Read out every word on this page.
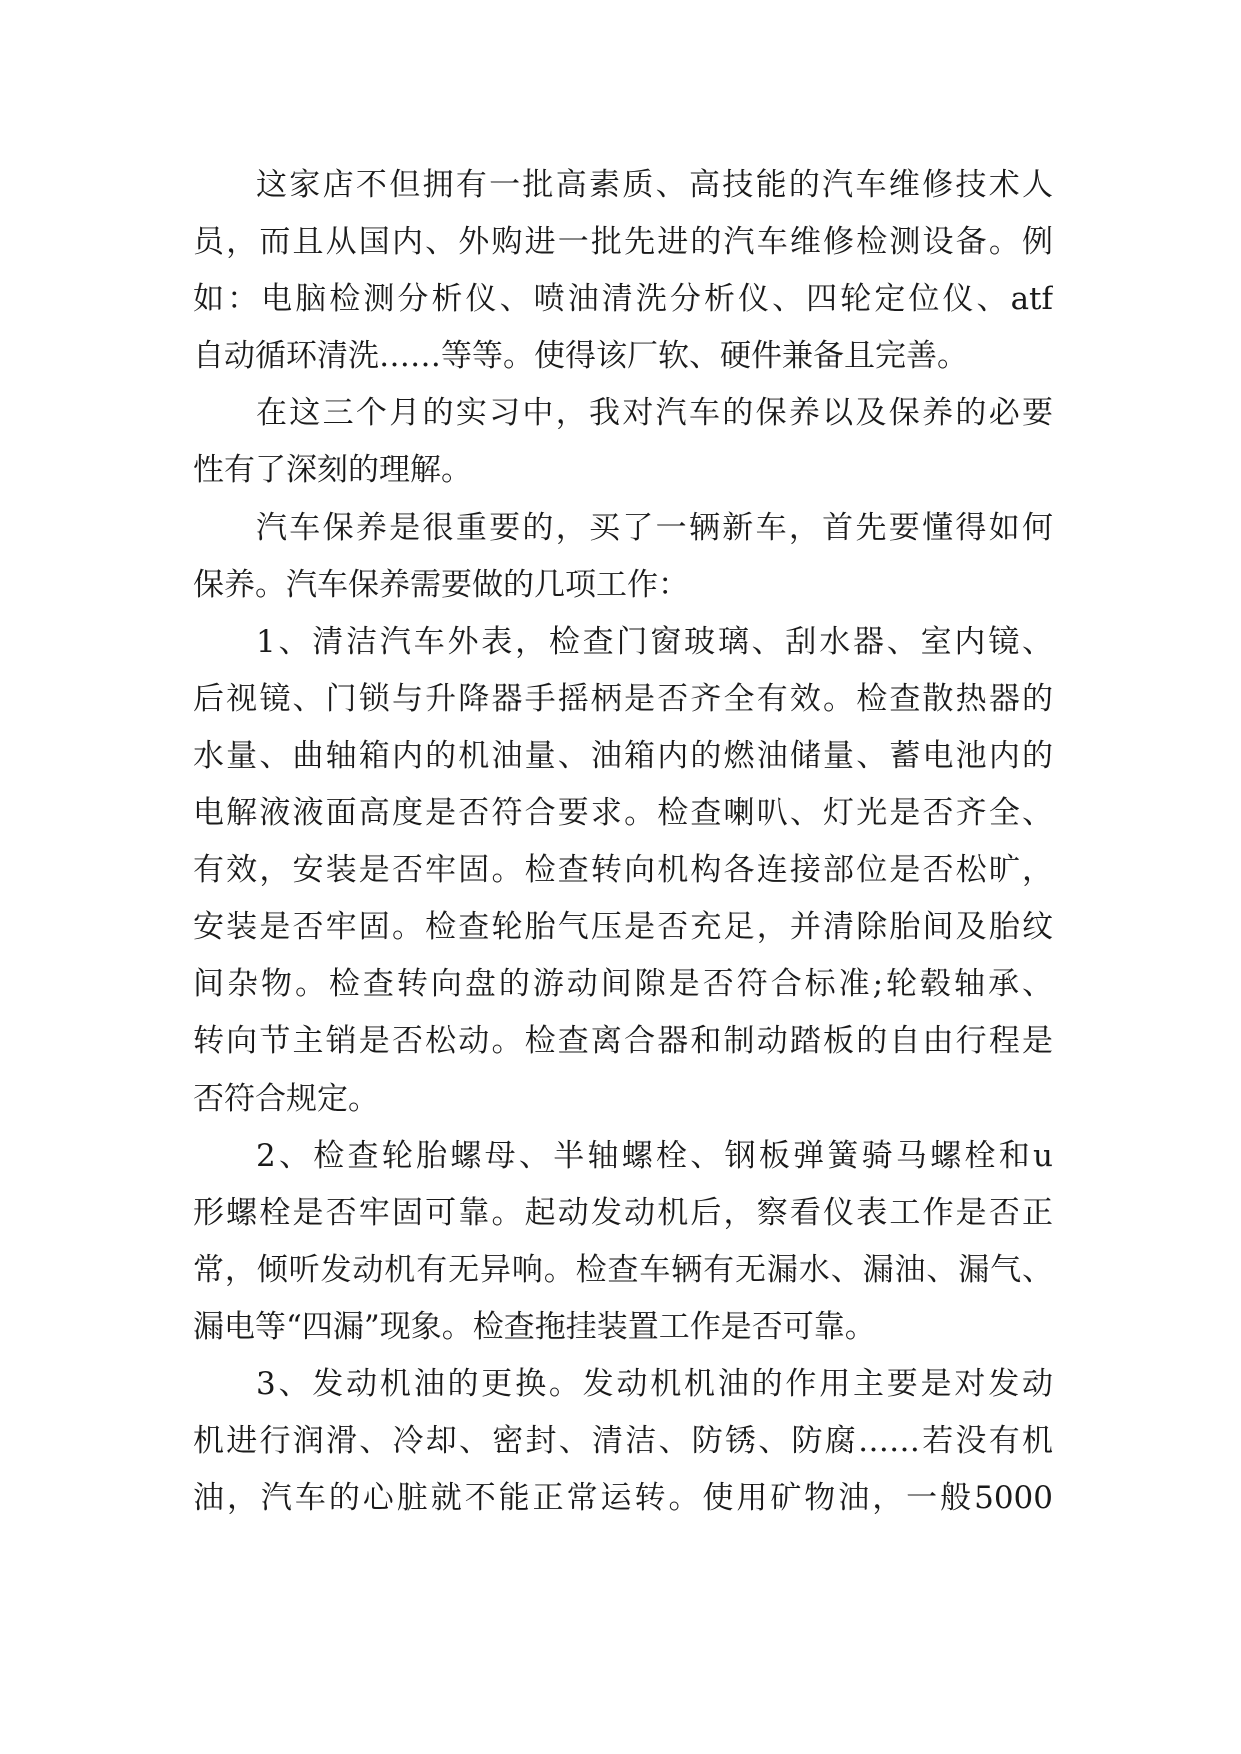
这家店不但拥有一批高素质、高技能的汽车维修技术人
员，而且从国内、外购进一批先进的汽车维修检测设备。例
如：电脑检测分析仪、喷油清洗分析仪、四轮定位仪、atf
自动循环清洗……等等。使得该厂软、硬件兼备且完善。
在这三个月的实习中，我对汽车的保养以及保养的必要
性有了深刻的理解。
汽车保养是很重要的，买了一辆新车，首先要懂得如何
保养。汽车保养需要做的几项工作：
1、清洁汽车外表，检查门窗玻璃、刮水器、室内镜、
后视镜、门锁与升降器手摇柄是否齐全有效。检查散热器的
水量、曲轴箱内的机油量、油箱内的燃油储量、蓄电池内的
电解液液面高度是否符合要求。检查喇叭、灯光是否齐全、
有效，安装是否牢固。检查转向机构各连接部位是否松旷，
安装是否牢固。检查轮胎气压是否充足，并清除胎间及胎纹
间杂物。检查转向盘的游动间隙是否符合标准;轮毂轴承、
转向节主销是否松动。检查离合器和制动踏板的自由行程是
否符合规定。
2、检查轮胎螺母、半轴螺栓、钢板弹簧骑马螺栓和u
形螺栓是否牢固可靠。起动发动机后，察看仪表工作是否正
常，倾听发动机有无异响。检查车辆有无漏水、漏油、漏气、
漏电等“四漏”现象。检查拖挂装置工作是否可靠。
3、发动机油的更换。发动机机油的作用主要是对发动
机进行润滑、冷却、密封、清洁、防锈、防腐……若没有机
油，汽车的心脏就不能正常运转。使用矿物油，一般5000
